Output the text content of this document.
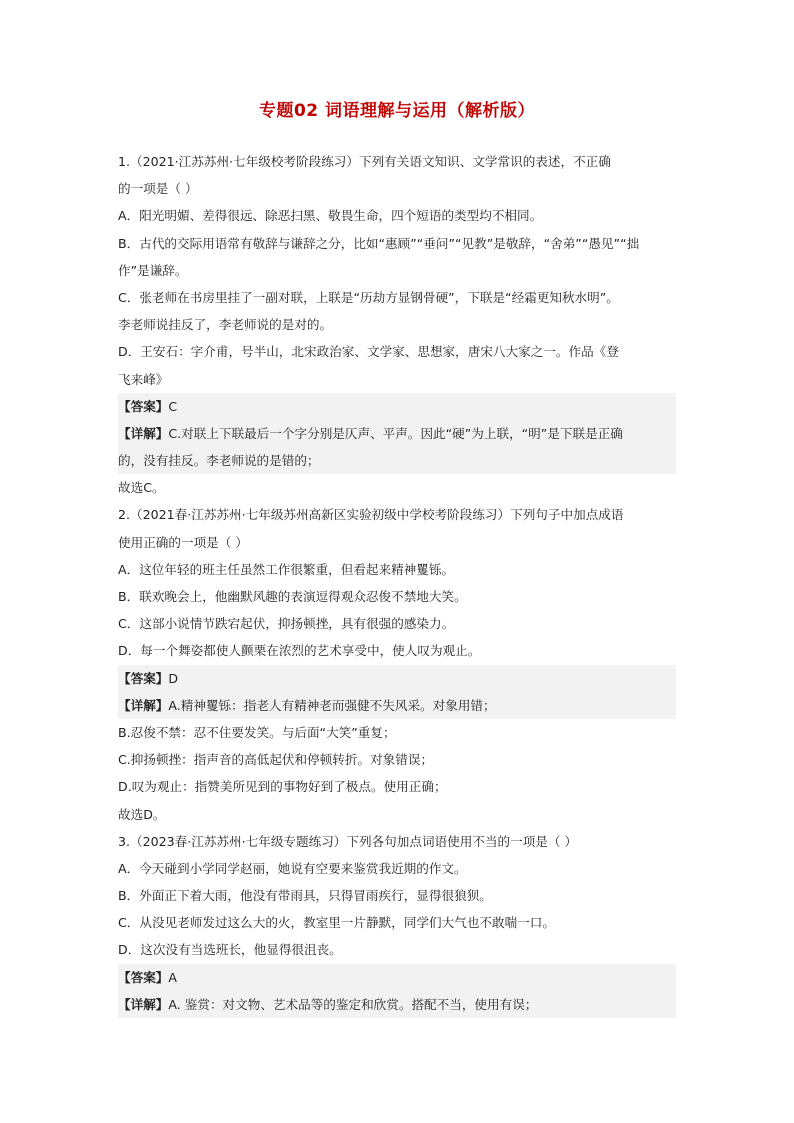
专题02 词语理解与运用（解析版）
1.（2021·江苏苏州·七年级校考阶段练习）下列有关语文知识、文学常识的表述，不正确
的一项是（ ）
A．阳光明媚、差得很远、除恶扫黑、敬畏生命，四个短语的类型均不相同。
B．古代的交际用语常有敬辞与谦辞之分，比如“惠顾”“垂问”“见教”是敬辞，“舍弟”“愚见”“拙
作”是谦辞。
C．张老师在书房里挂了一副对联，上联是“历劫方显钢骨硬”，下联是“经霜更知秋水明”。
李老师说挂反了，李老师说的是对的。
D．王安石：字介甫，号半山，北宋政治家、文学家、思想家，唐宋八大家之一。作品《登
飞来峰》
【答案】C
【详解】C.对联上下联最后一个字分别是仄声、平声。因此“硬”为上联，“明”是下联是正确
的，没有挂反。李老师说的是错的；
故选C。
2.（2021春·江苏苏州·七年级苏州高新区实验初级中学校考阶段练习）下列句子中加点成语
使用正确的一项是（ ）
A．这位年轻的班主任虽然工作很繁重，但看起来精神矍铄。
B．联欢晚会上，他幽默风趣的表演逗得观众忍俊不禁地大笑。
C．这部小说情节跌宕起伏，抑扬顿挫，具有很强的感染力。
D．每一个舞姿都使人颤栗在浓烈的艺术享受中，使人叹为观止。
【答案】D
【详解】A.精神矍铄：指老人有精神老而强健不失风采。对象用错；
B.忍俊不禁：忍不住要发笑。与后面“大笑”重复；
C.抑扬顿挫：指声音的高低起伏和停顿转折。对象错误；
D.叹为观止：指赞美所见到的事物好到了极点。使用正确；
故选D。
3.（2023春·江苏苏州·七年级专题练习）下列各句加点词语使用不当的一项是（ ）
A．今天碰到小学同学赵丽，她说有空要来鉴赏我近期的作文。
B．外面正下着大雨，他没有带雨具，只得冒雨疾行，显得很狼狈。
C．从没见老师发过这么大的火，教室里一片静默，同学们大气也不敢喘一口。
D．这次没有当选班长，他显得很沮丧。
【答案】A
【详解】A. 鉴赏：对文物、艺术品等的鉴定和欣赏。搭配不当，使用有误；
